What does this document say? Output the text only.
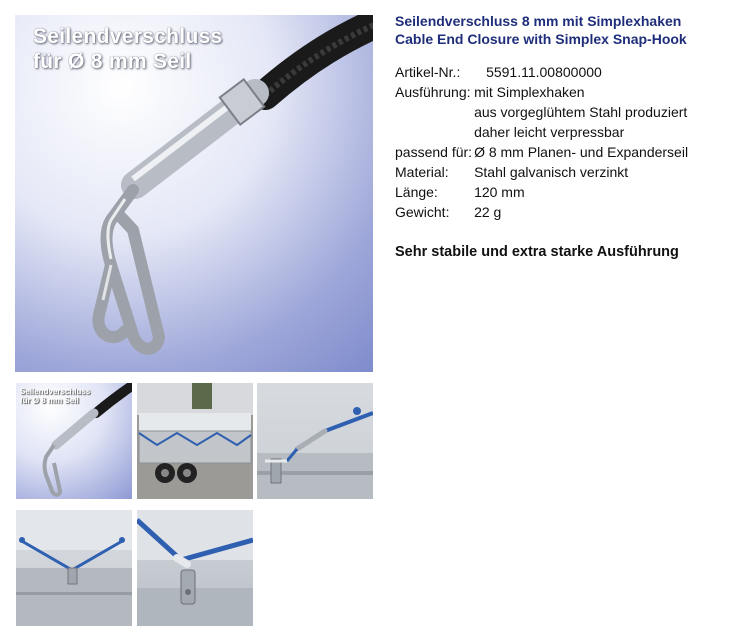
Seilendverschluss
für Ø 8 mm Seil
Seilendverschluss
für Ø 8 mm Seil
Seilendverschluss 8 mm mit Simplexhaken
Cable End Closure with Simplex Snap-Hook
Artikel-Nr.:	5591.11.00800000
Ausführung:	mit Simplexhaken
	aus vorgeglühtem Stahl produziert
	daher leicht verpressbar
passend für:	Ø 8 mm Planen- und Expanderseil
Material:	Stahl galvanisch verzinkt
Länge:	120 mm
Gewicht:	22 g
Sehr stabile und extra starke Ausführung
